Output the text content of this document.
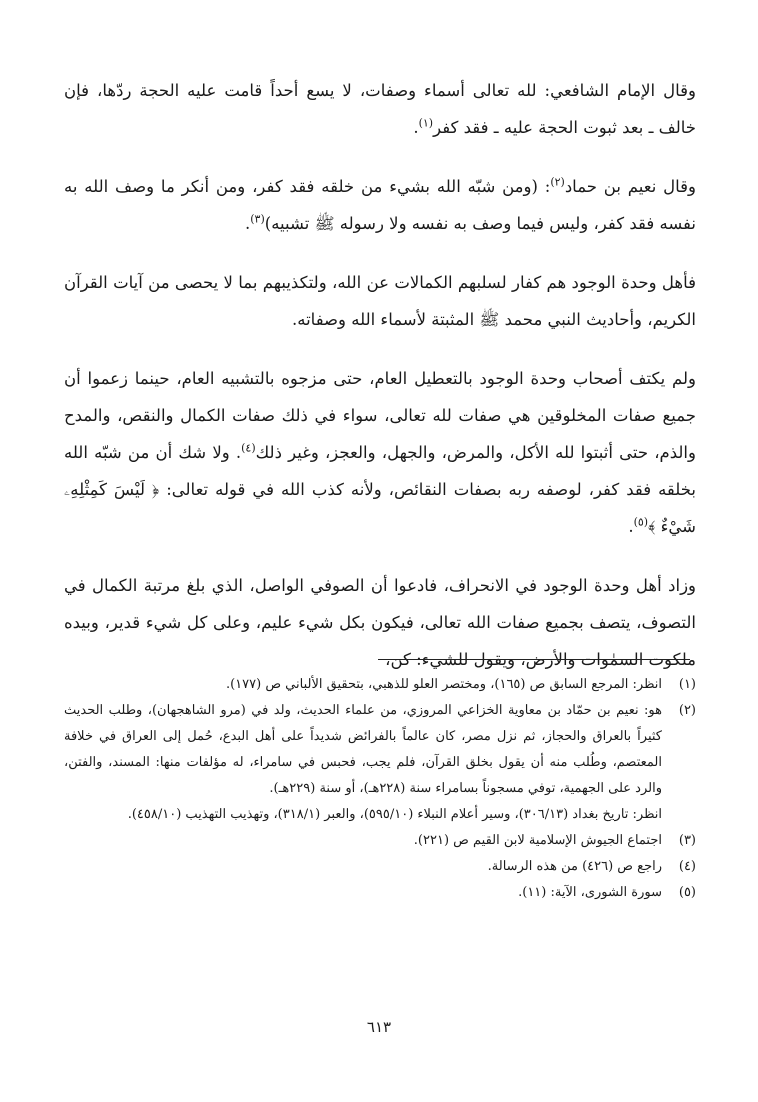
وقال الإمام الشافعي: لله تعالى أسماء وصفات، لا يسع أحداً قامت عليه الحجة ردّها، فإن خالف ـ بعد ثبوت الحجة عليه ـ فقد كفر$^{(١)}$.

وقال نعيم بن حماد$^{(٢)}$: (ومن شبّه الله بشيء من خلقه فقد كفر، ومن أنكر ما وصف الله به نفسه فقد كفر، وليس فيما وصف به نفسه ولا رسوله ﷺ تشبيه)$^{(٣)}$.

فأهل وحدة الوجود هم كفار لسلبهم الكمالات عن الله، ولتكذيبهم بما لا يحصى من آيات القرآن الكريم، وأحاديث النبي محمد ﷺ المثبتة لأسماء الله وصفاته.

ولم يكتف أصحاب وحدة الوجود بالتعطيل العام، حتى مزجوه بالتشبيه العام، حينما زعموا أن جميع صفات المخلوقين هي صفات لله تعالى، سواء في ذلك صفات الكمال والنقص، والمدح والذم، حتى أثبتوا لله الأكل، والمرض، والجهل، والعجز، وغير ذلك$^{(٤)}$. ولا شك أن من شبّه الله بخلقه فقد كفر، لوصفه ربه بصفات النقائص، ولأنه كذب الله في قوله تعالى: ﴿ لَيْسَ كَمِثْلِهِۦ شَيْءٌ ﴾$^{(٥)}$.

وزاد أهل وحدة الوجود في الانحراف، فادعوا أن الصوفي الواصل، الذي بلغ مرتبة الكمال في التصوف، يتصف بجميع صفات الله تعالى، فيكون بكل شيء عليم، وعلى كل شيء قدير، وبيده ملكوت السمٰوات والأرض، ويقول للشيء: كن،

(١)
انظر: المرجع السابق ص (١٦٥)، ومختصر العلو للذهبي، بتحقيق الألباني ص (١٧٧).
(٢)
هو: نعيم بن حمّاد بن معاوية الخزاعي المروزي، من علماء الحديث، ولد في (مرو الشاهجهان)، وطلب الحديث كثيراً بالعراق والحجاز، ثم نزل مصر، كان عالماً بالفرائض شديداً على أهل البدع، حُمل إلى العراق في خلافة المعتصم، وطُلب منه أن يقول بخلق القرآن، فلم يجب، فحبس في سامراء، له مؤلفات منها: المسند، والفتن، والرد على الجهمية، توفي مسجوناً بسامراء سنة (٢٢٨هـ)، أو سنة (٢٢٩هـ).
انظر: تاريخ بغداد (٣٠٦/١٣)، وسير أعلام النبلاء (٥٩٥/١٠)، والعبر (٣١٨/١)، وتهذيب التهذيب (٤٥٨/١٠).
(٣)
اجتماع الجيوش الإسلامية لابن القيم ص (٢٢١).
(٤)
راجع ص (٤٢٦) من هذه الرسالة.
(٥)
سورة الشورى، الآية: (١١).
٦١٣
